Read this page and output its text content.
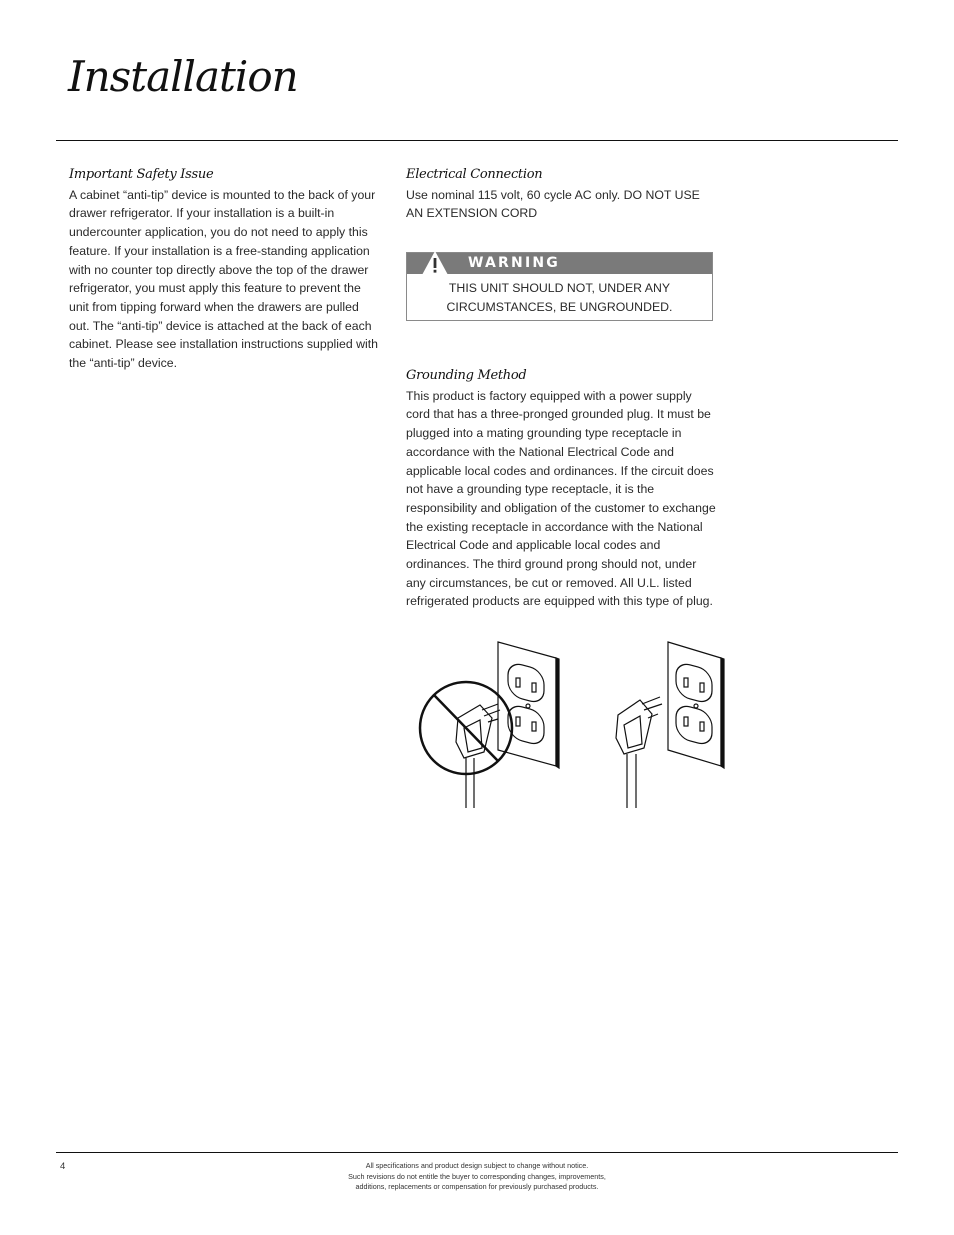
Installation

Important Safety Issue

A cabinet “anti-tip” device is mounted to the back of your drawer refrigerator. If your installation is a built-in undercounter application, you do not need to apply this feature. If your installation is a free-standing application with no counter top directly above the top of the drawer refrigerator, you must apply this feature to prevent the unit from tipping forward when the drawers are pulled out. The “anti-tip” device is attached at the back of each cabinet. Please see installation instructions supplied with the “anti-tip” device.

Electrical Connection

Use nominal 115 volt, 60 cycle AC only. DO NOT USE AN EXTENSION CORD

WARNING
THIS UNIT SHOULD NOT, UNDER ANY CIRCUMSTANCES, BE UNGROUNDED.

Grounding Method

This product is factory equipped with a power supply cord that has a three-pronged grounded plug. It must be plugged into a mating grounding type receptacle in accordance with the National Electrical Code and applicable local codes and ordinances. If the circuit does not have a grounding type receptacle, it is the responsibility and obligation of the customer to exchange the existing receptacle in accordance with the National Electrical Code and applicable local codes and ordinances. The third ground prong should not, under any circumstances, be cut or removed. All U.L. listed refrigerated products are equipped with this type of plug.

4	All specifications and product design subject to change without notice.
Such revisions do not entitle the buyer to corresponding changes, improvements,
additions, replacements or compensation for previously purchased products.
